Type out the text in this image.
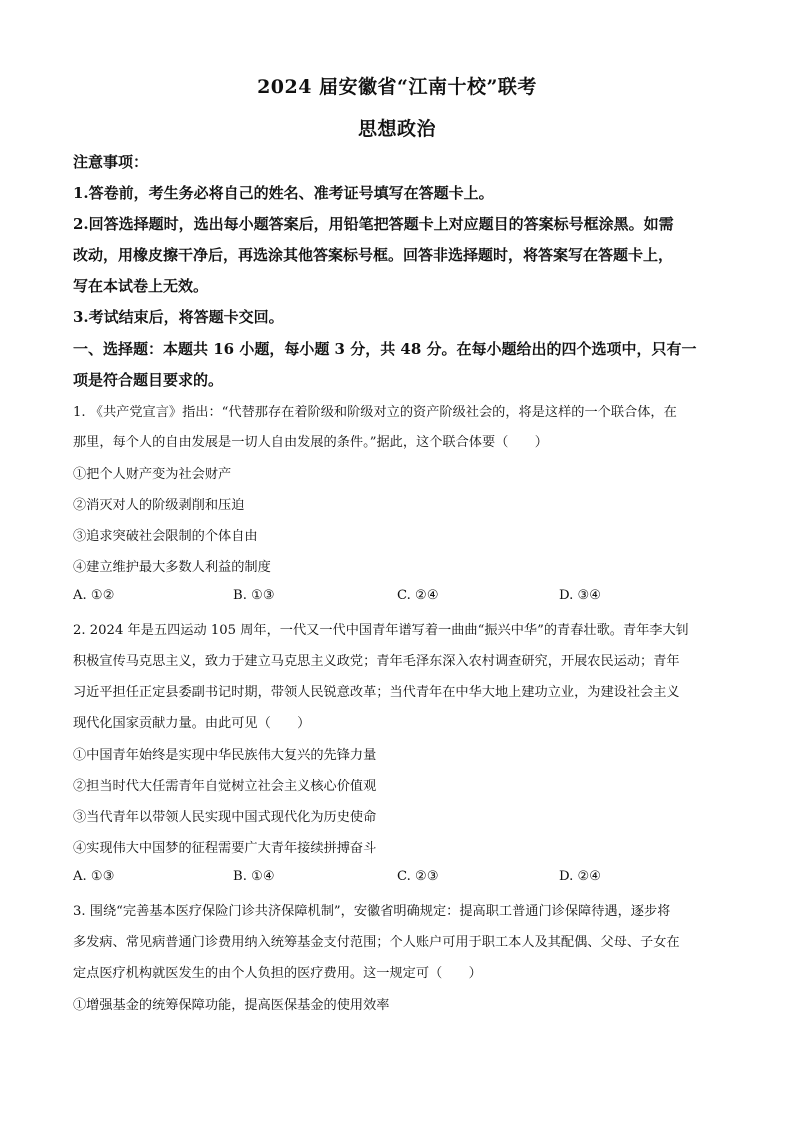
2024 届安徽省“江南十校”联考
思想政治
注意事项：
1.答卷前，考生务必将自己的姓名、准考证号填写在答题卡上。
2.回答选择题时，选出每小题答案后，用铅笔把答题卡上对应题目的答案标号框涂黑。如需
改动，用橡皮擦干净后，再选涂其他答案标号框。回答非选择题时，将答案写在答题卡上，
写在本试卷上无效。
3.考试结束后，将答题卡交回。
一、选择题：本题共 16 小题，每小题 3 分，共 48 分。在每小题给出的四个选项中，只有一
项是符合题目要求的。
1. 《共产党宣言》指出：“代替那存在着阶级和阶级对立的资产阶级社会的，将是这样的一个联合体，在
那里，每个人的自由发展是一切人自由发展的条件。”据此，这个联合体要（　　）
①把个人财产变为社会财产
②消灭对人的阶级剥削和压迫
③追求突破社会限制的个体自由
④建立维护最大多数人利益的制度
A. ①②	B. ①③	C. ②④	D. ③④
2. 2024 年是五四运动 105 周年，一代又一代中国青年谱写着一曲曲“振兴中华”的青春壮歌。青年李大钊
积极宣传马克思主义，致力于建立马克思主义政党；青年毛泽东深入农村调查研究，开展农民运动；青年
习近平担任正定县委副书记时期，带领人民锐意改革；当代青年在中华大地上建功立业，为建设社会主义
现代化国家贡献力量。由此可见（　　）
①中国青年始终是实现中华民族伟大复兴的先锋力量
②担当时代大任需青年自觉树立社会主义核心价值观
③当代青年以带领人民实现中国式现代化为历史使命
④实现伟大中国梦的征程需要广大青年接续拼搏奋斗
A. ①③	B. ①④	C. ②③	D. ②④
3. 围绕“完善基本医疗保险门诊共济保障机制”，安徽省明确规定：提高职工普通门诊保障待遇，逐步将
多发病、常见病普通门诊费用纳入统筹基金支付范围；个人账户可用于职工本人及其配偶、父母、子女在
定点医疗机构就医发生的由个人负担的医疗费用。这一规定可（　　）
①增强基金的统筹保障功能，提高医保基金的使用效率
